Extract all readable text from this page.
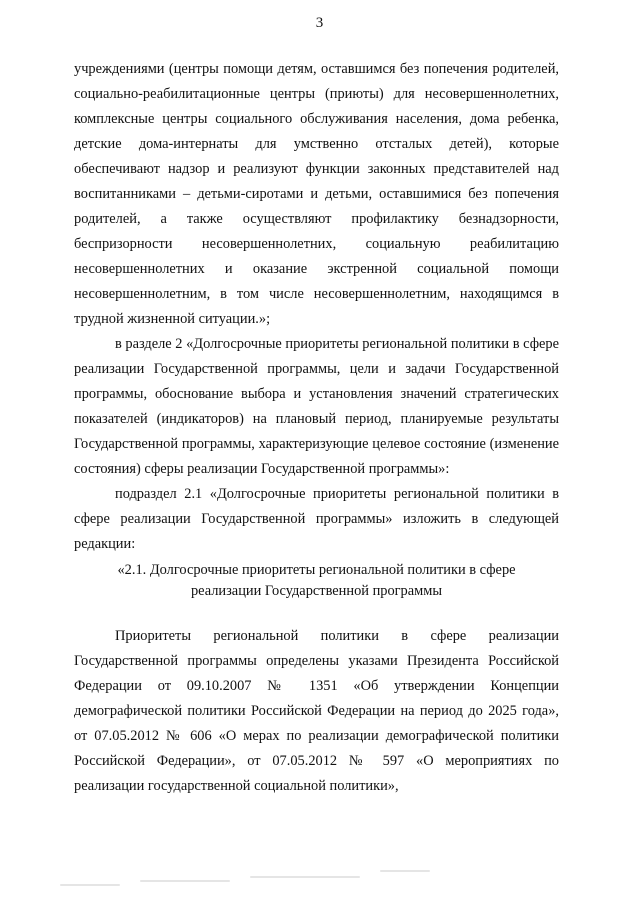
3

учреждениями (центры помощи детям, оставшимся без попечения родителей, социально-реабилитационные центры (приюты) для несовершеннолетних, комплексные центры социального обслуживания населения, дома ребенка, детские дома-интернаты для умственно отсталых детей), которые обеспечивают надзор и реализуют функции законных представителей над воспитанниками – детьми-сиротами и детьми, оставшимися без попечения родителей, а также осуществляют профилактику безнадзорности, беспризорности несовершеннолетних, социальную реабилитацию несовершеннолетних и оказание экстренной социальной помощи несовершеннолетним, в том числе несовершеннолетним, находящимся в трудной жизненной ситуации.»;

в разделе 2 «Долгосрочные приоритеты региональной политики в сфере реализации Государственной программы, цели и задачи Государственной программы, обоснование выбора и установления значений стратегических показателей (индикаторов) на плановый период, планируемые результаты Государственной программы, характеризующие целевое состояние (изменение состояния) сферы реализации Государственной программы»:

подраздел 2.1 «Долгосрочные приоритеты региональной политики в сфере реализации Государственной программы» изложить в следующей редакции:

«2.1. Долгосрочные приоритеты региональной политики в сфере
реализации Государственной программы

Приоритеты региональной политики в сфере реализации Государственной программы определены указами Президента Российской Федерации от 09.10.2007 № 1351 «Об утверждении Концепции демографической политики Российской Федерации на период до 2025 года», от 07.05.2012 № 606 «О мерах по реализации демографической политики Российской Федерации», от 07.05.2012 № 597 «О мероприятиях по реализации государственной социальной политики»,
